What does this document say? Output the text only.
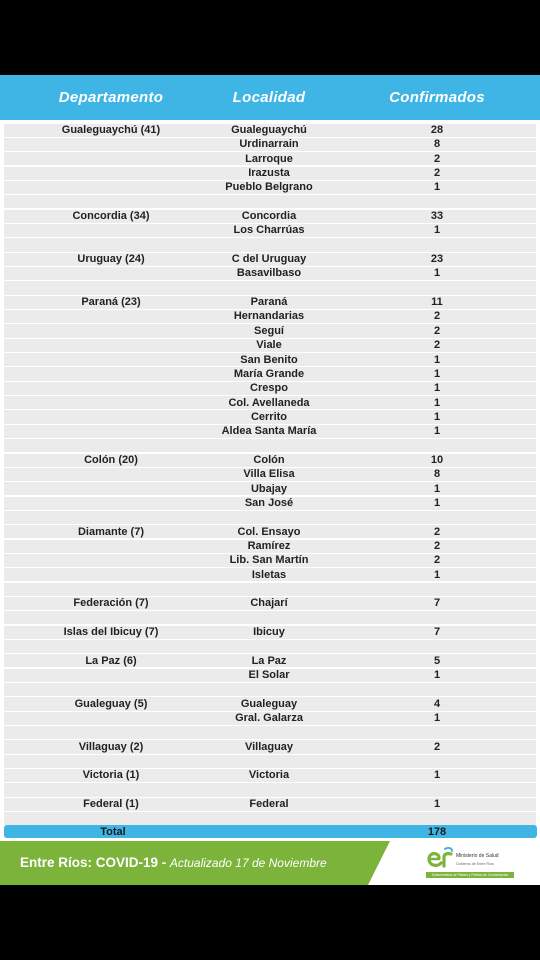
Departamento	Localidad	Confirmados
Gualeguaychú (41)	Gualeguaychú	28
Urdinarrain	8
Larroque	2
Irazusta	2
Pueblo Belgrano	1
Concordia (34)	Concordia	33
Los Charrúas	1
Uruguay (24)	C del Uruguay	23
Basavilbaso	1
Paraná (23)	Paraná	11
Hernandarias	2
Seguí	2
Viale	2
San Benito	1
María Grande	1
Crespo	1
Col. Avellaneda	1
Cerrito	1
Aldea Santa María	1
Colón (20)	Colón	10
Villa Elisa	8
Ubajay	1
San José	1
Diamante (7)	Col. Ensayo	2
Ramírez	2
Lib. San Martín	2
Isletas	1
Federación (7)	Chajarí	7
Islas del Ibicuy (7)	Ibicuy	7
La Paz (6)	La Paz	5
El Solar	1
Gualeguay (5)	Gualeguay	4
Gral. Galarza	1
Villaguay (2)	Villaguay	2
Victoria (1)	Victoria	1
Federal (1)	Federal	1
Total	178
Entre Ríos: COVID-19 - Actualizado 17 de Noviembre	Ministerio de Salud
Gobierno de Entre Ríos
Subsecretaría de Planea y Política de Conformación
